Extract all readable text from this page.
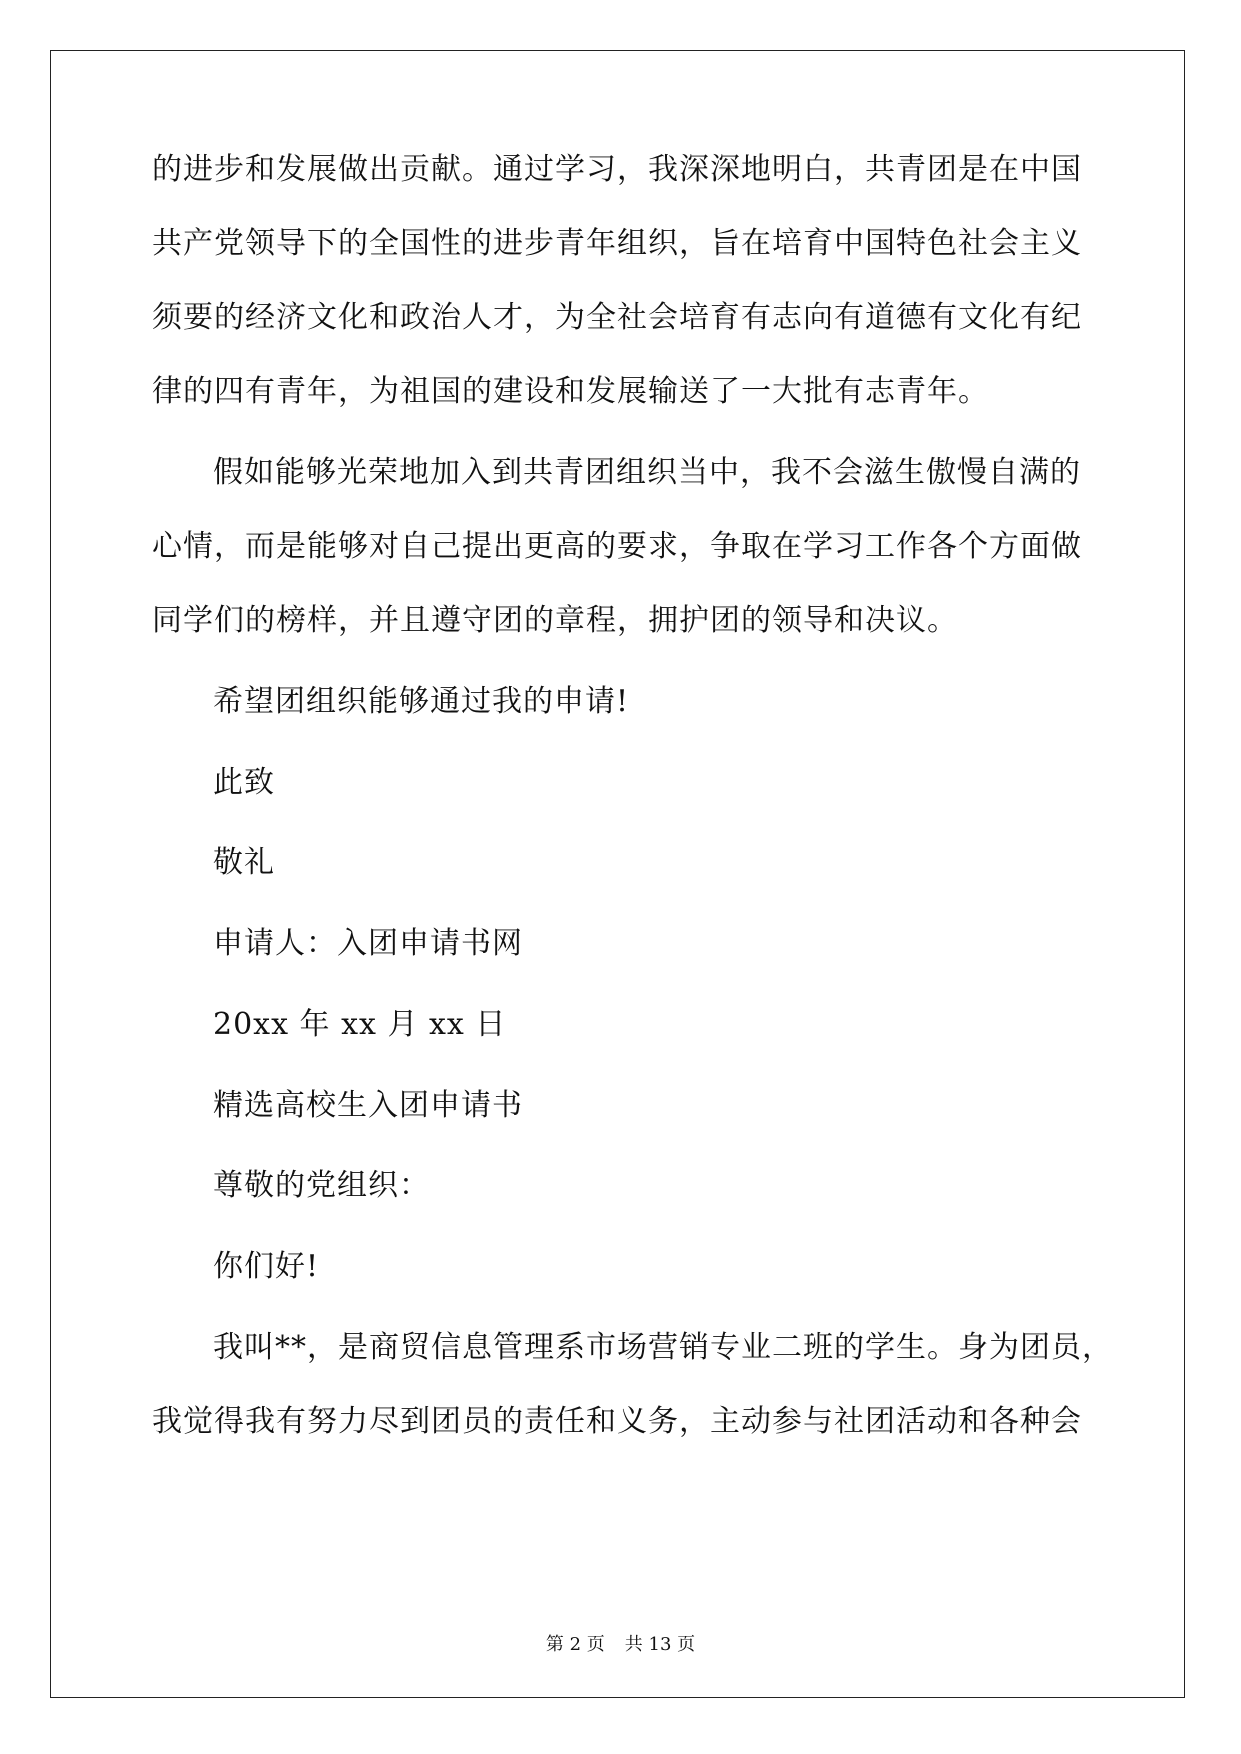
的进步和发展做出贡献。通过学习，我深深地明白，共青团是在中国
共产党领导下的全国性的进步青年组织，旨在培育中国特色社会主义
须要的经济文化和政治人才，为全社会培育有志向有道德有文化有纪
律的四有青年，为祖国的建设和发展输送了一大批有志青年。
假如能够光荣地加入到共青团组织当中，我不会滋生傲慢自满的
心情，而是能够对自己提出更高的要求，争取在学习工作各个方面做
同学们的榜样，并且遵守团的章程，拥护团的领导和决议。
希望团组织能够通过我的申请!
此致
敬礼
申请人：入团申请书网
20xx 年 xx 月 xx 日
精选高校生入团申请书
尊敬的党组织：
你们好!
我叫**，是商贸信息管理系市场营销专业二班的学生。身为团员，
我觉得我有努力尽到团员的责任和义务，主动参与社团活动和各种会
第 2 页 共 13 页
